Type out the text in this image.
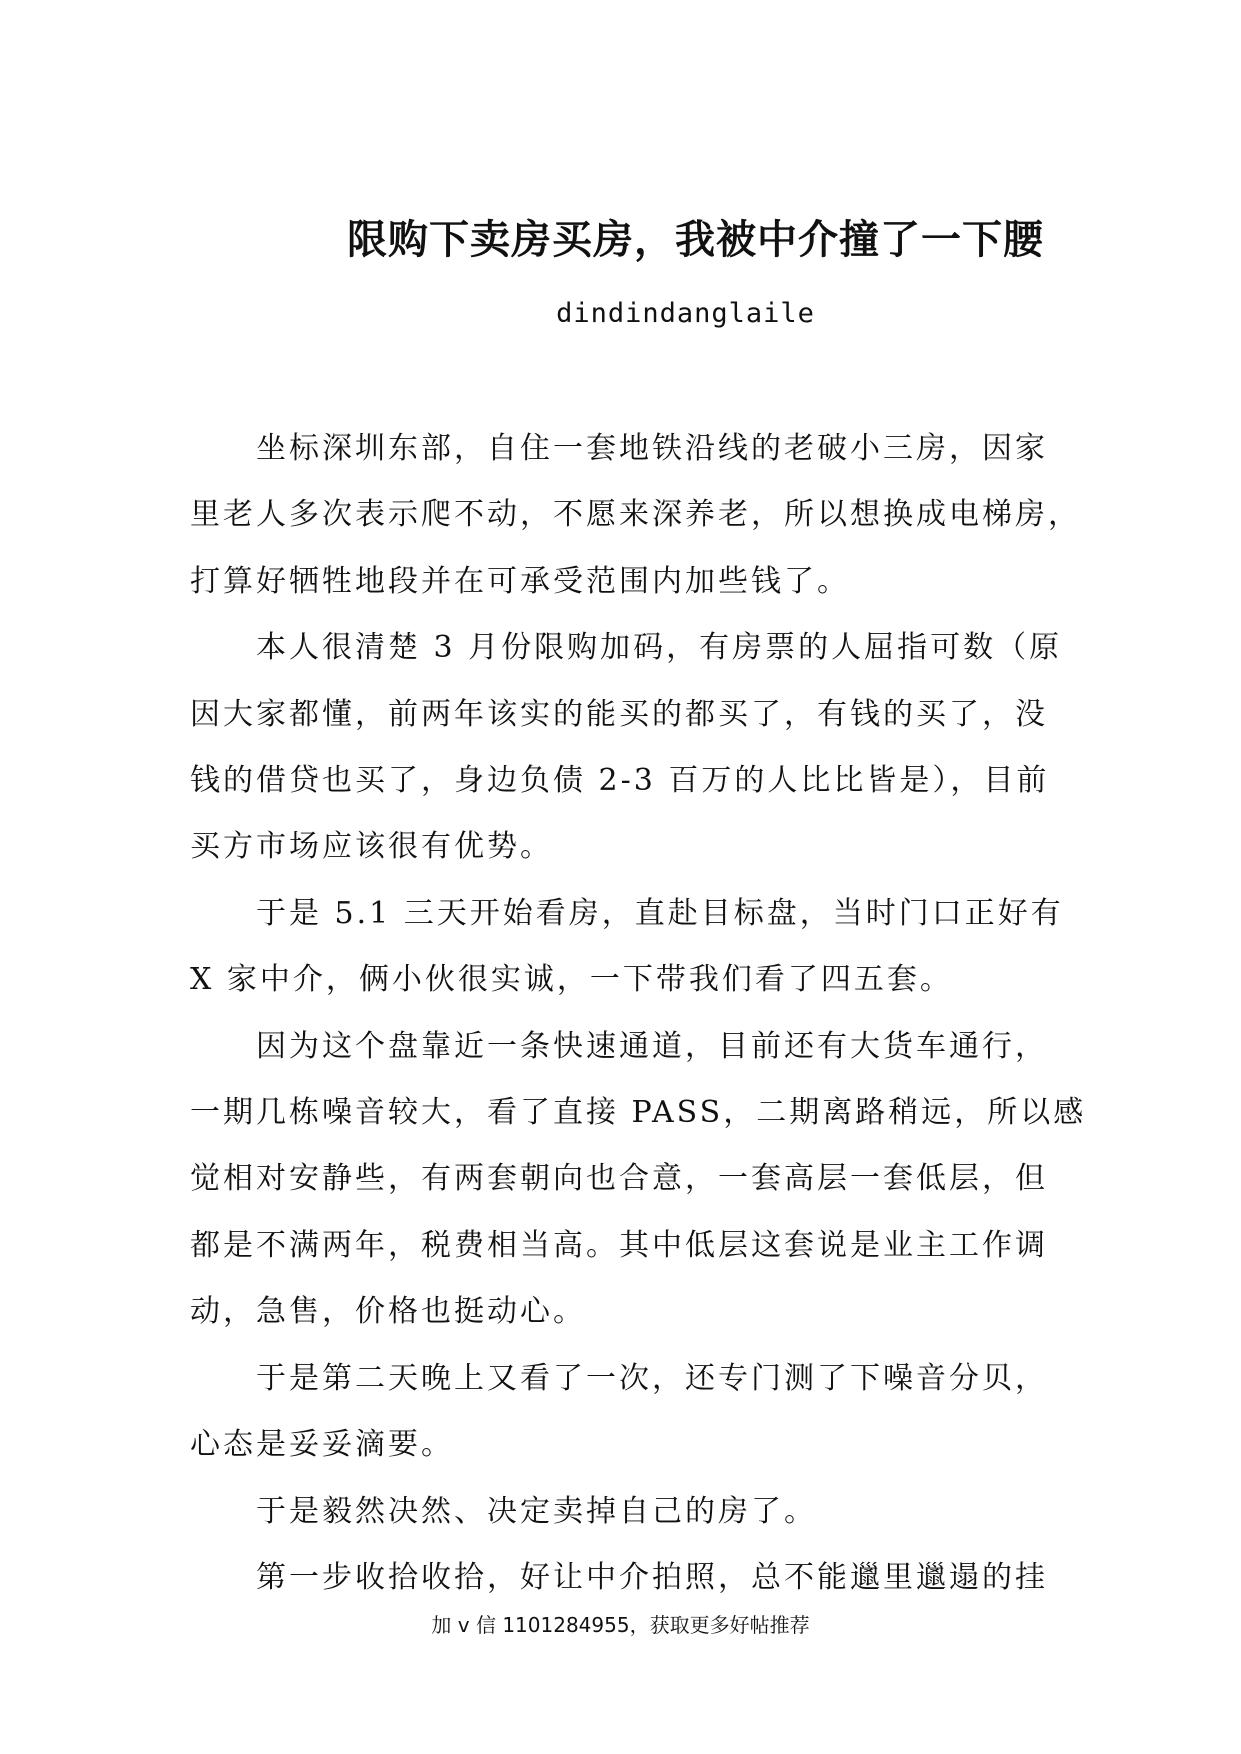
限购下卖房买房，我被中介撞了一下腰
dindindanglaile

坐标深圳东部，自住一套地铁沿线的老破小三房，因家

里老人多次表示爬不动，不愿来深养老，所以想换成电梯房，

打算好牺牲地段并在可承受范围内加些钱了。

本人很清楚 3 月份限购加码，有房票的人屈指可数（原

因大家都懂，前两年该实的能买的都买了，有钱的买了，没

钱的借贷也买了，身边负债 2-3 百万的人比比皆是），目前

买方市场应该很有优势。

于是 5.1 三天开始看房，直赴目标盘，当时门口正好有

X 家中介，俩小伙很实诚，一下带我们看了四五套。

因为这个盘靠近一条快速通道，目前还有大货车通行，

一期几栋噪音较大，看了直接 PASS，二期离路稍远，所以感

觉相对安静些，有两套朝向也合意，一套高层一套低层，但

都是不满两年，税费相当高。其中低层这套说是业主工作调

动，急售，价格也挺动心。

于是第二天晚上又看了一次，还专门测了下噪音分贝，

心态是妥妥滴要。

于是毅然决然、决定卖掉自己的房了。

第一步收拾收拾，好让中介拍照，总不能邋里邋遢的挂

加 v 信 1101284955，获取更多好帖推荐
